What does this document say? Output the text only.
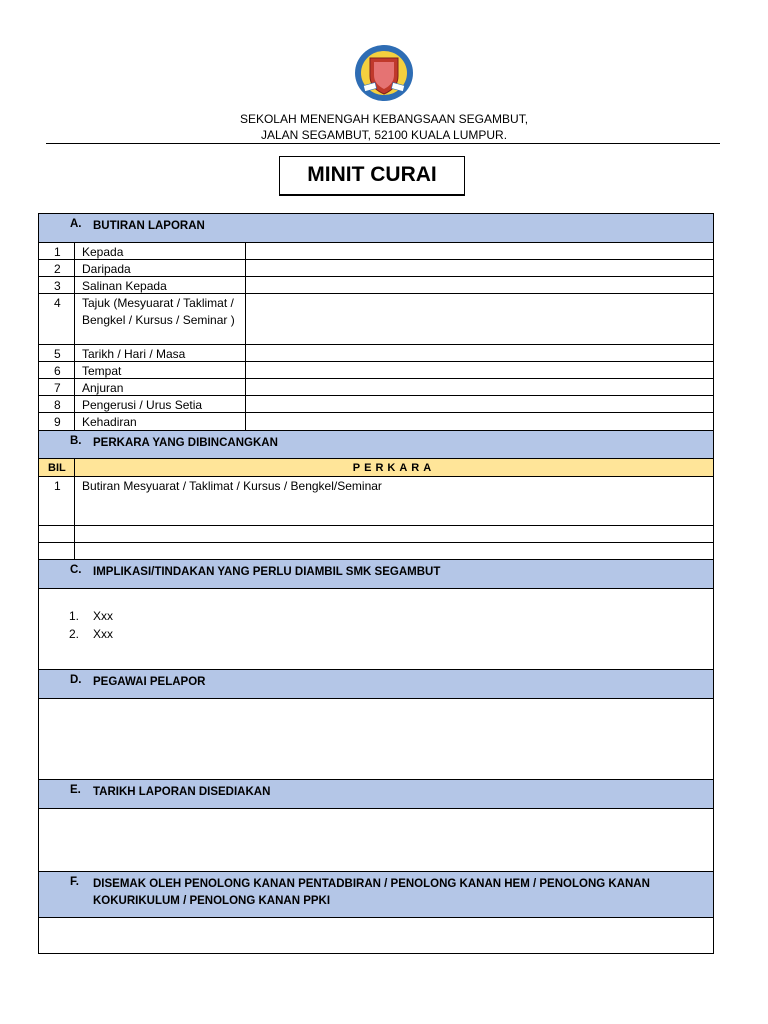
SEKOLAH MENENGAH KEBANGSAAN SEGAMBUT,
JALAN SEGAMBUT, 52100 KUALA LUMPUR.
MINIT CURAI
A. BUTIRAN LAPORAN
1	Kepada
2	Daripada
3	Salinan Kepada
4	Tajuk (Mesyuarat / Taklimat / Bengkel / Kursus / Seminar )
5	Tarikh / Hari / Masa
6	Tempat
7	Anjuran
8	Pengerusi / Urus Setia
9	Kehadiran
B. PERKARA YANG DIBINCANGKAN
BIL	PERKARA
1	Butiran Mesyuarat / Taklimat / Kursus / Bengkel/Seminar
C. IMPLIKASI/TINDAKAN YANG PERLU DIAMBIL SMK SEGAMBUT
1. Xxx
2. Xxx
D. PEGAWAI PELAPOR
E. TARIKH LAPORAN DISEDIAKAN
F. DISEMAK OLEH PENOLONG KANAN PENTADBIRAN / PENOLONG KANAN HEM / PENOLONG KANAN KOKURIKULUM / PENOLONG KANAN PPKI
